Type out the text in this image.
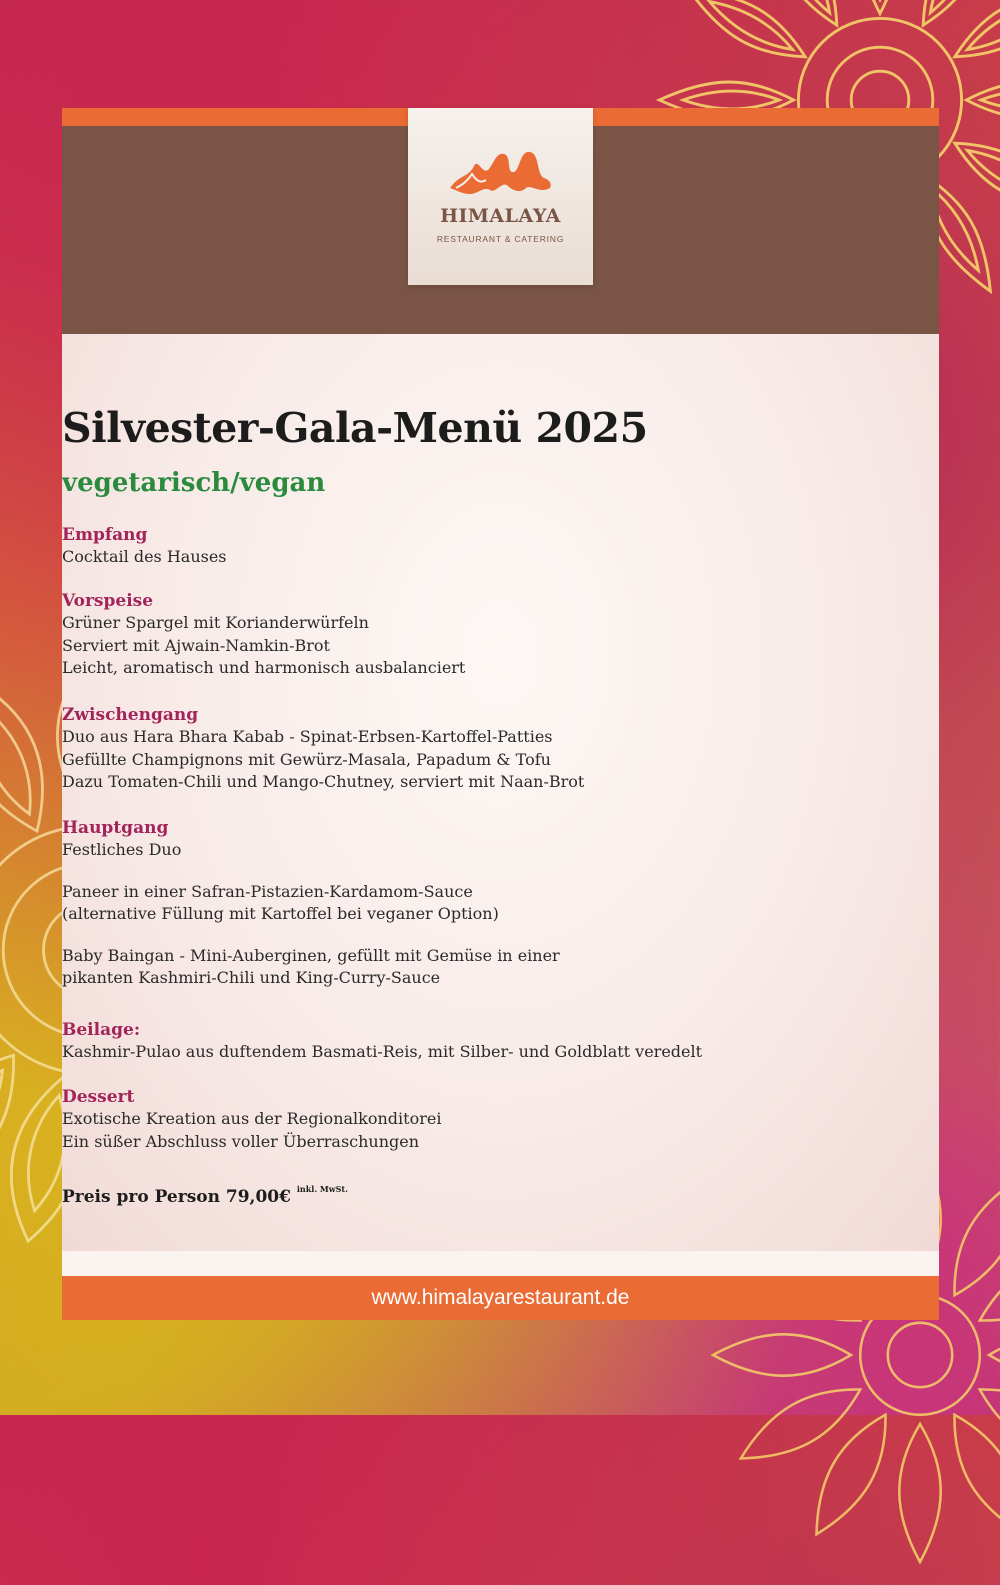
HIMALAYA
RESTAURANT & CATERING
Silvester-Gala-Menü 2025
vegetarisch/vegan
Empfang
Cocktail des Hauses
Vorspeise
Grüner Spargel mit Korianderwürfeln
Serviert mit Ajwain-Namkin-Brot
Leicht, aromatisch und harmonisch ausbalanciert
Zwischengang
Duo aus Hara Bhara Kabab - Spinat-Erbsen-Kartoffel-Patties
Gefüllte Champignons mit Gewürz-Masala, Papadum & Tofu
Dazu Tomaten-Chili und Mango-Chutney, serviert mit Naan-Brot
Hauptgang
Festliches Duo
Paneer in einer Safran-Pistazien-Kardamom-Sauce
(alternative Füllung mit Kartoffel bei veganer Option)
Baby Baingan - Mini-Auberginen, gefüllt mit Gemüse in einer
pikanten Kashmiri-Chili und King-Curry-Sauce
Beilage:
Kashmir-Pulao aus duftendem Basmati-Reis, mit Silber- und Goldblatt veredelt
Dessert
Exotische Kreation aus der Regionalkonditorei
Ein süßer Abschluss voller Überraschungen
Preis pro Person 79,00€ $^{inkl. MwSt.}$
www.himalayarestaurant.de
